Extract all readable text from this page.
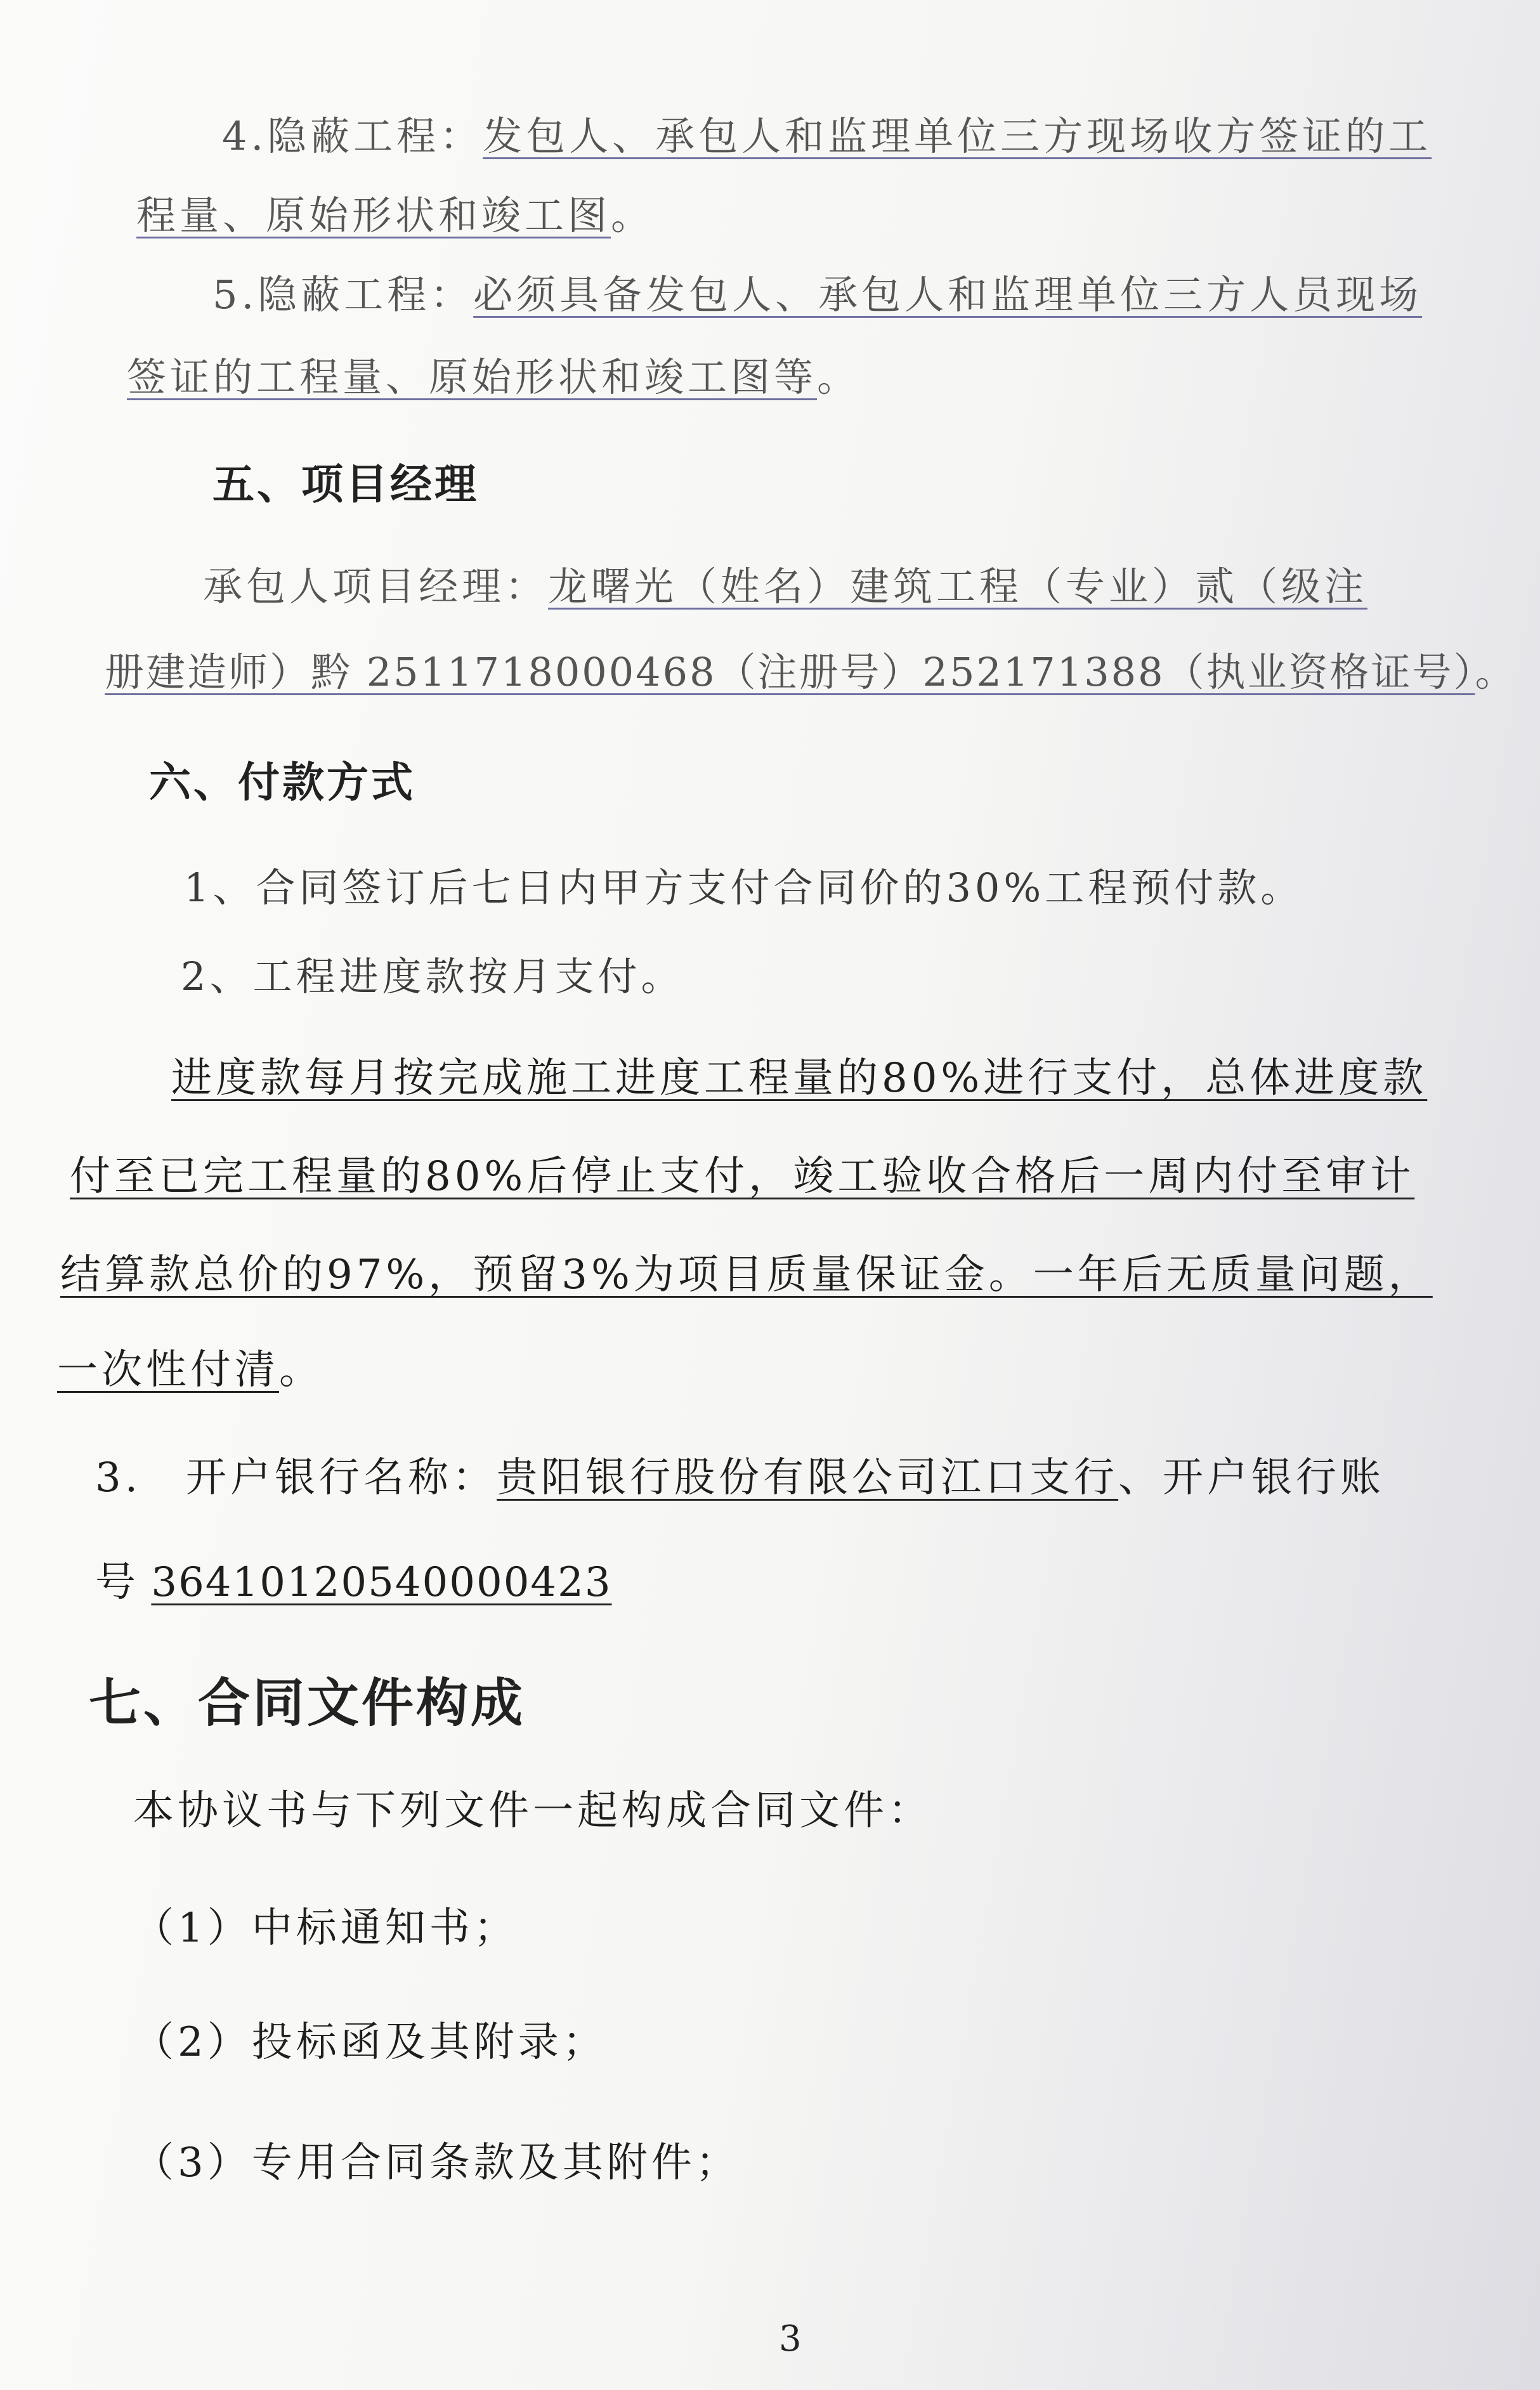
4.隐蔽工程：发包人、承包人和监理单位三方现场收方签证的工
程量、原始形状和竣工图。
5.隐蔽工程：必须具备发包人、承包人和监理单位三方人员现场
签证的工程量、原始形状和竣工图等。
五、项目经理
承包人项目经理：龙曙光（姓名）建筑工程（专业）贰（级注
册建造师）黔 2511718000468（注册号）252171388（执业资格证号）。
六、付款方式
1、合同签订后七日内甲方支付合同价的30%工程预付款。
2、工程进度款按月支付。
进度款每月按完成施工进度工程量的80%进行支付，总体进度款
付至已完工程量的80%后停止支付，竣工验收合格后一周内付至审计
结算款总价的97%，预留3%为项目质量保证金。一年后无质量问题，
一次性付清。
3.　开户银行名称：贵阳银行股份有限公司江口支行、开户银行账
号 36410120540000423
七、合同文件构成
本协议书与下列文件一起构成合同文件：
（1）中标通知书；
（2）投标函及其附录；
（3）专用合同条款及其附件；
3
